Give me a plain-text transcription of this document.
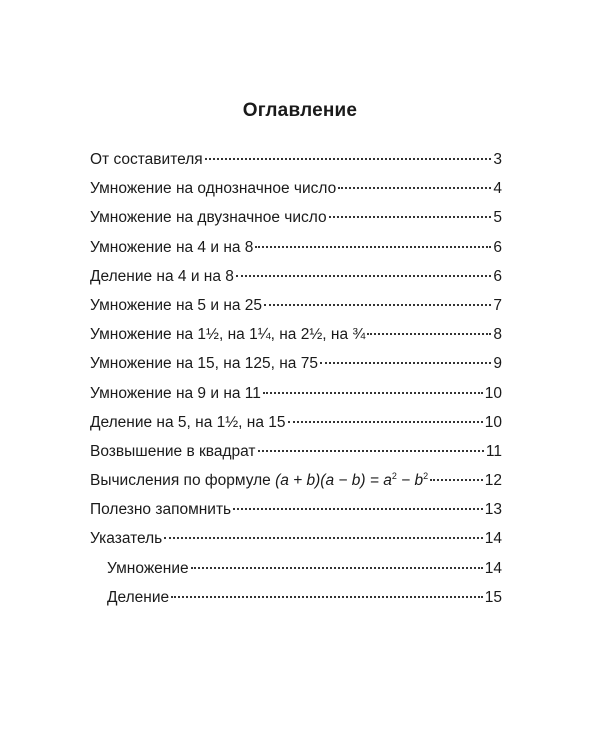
Оглавление
От составителя	3
Умножение на однозначное число	4
Умножение на двузначное число	5
Умножение на 4 и на 8	6
Деление на 4 и на 8	6
Умножение на 5 и на 25	7
Умножение на 1½, на 1¼, на 2½, на ¾	8
Умножение на 15, на 125, на 75	9
Умножение на 9 и на 11	10
Деление на 5, на 1½, на 15	10
Возвышение в квадрат	11
Вычисления по формуле $(a + b)(a - b) = a^2 - b^2$	12
Полезно запомнить	13
Указатель	14
Умножение	14
Деление	15
